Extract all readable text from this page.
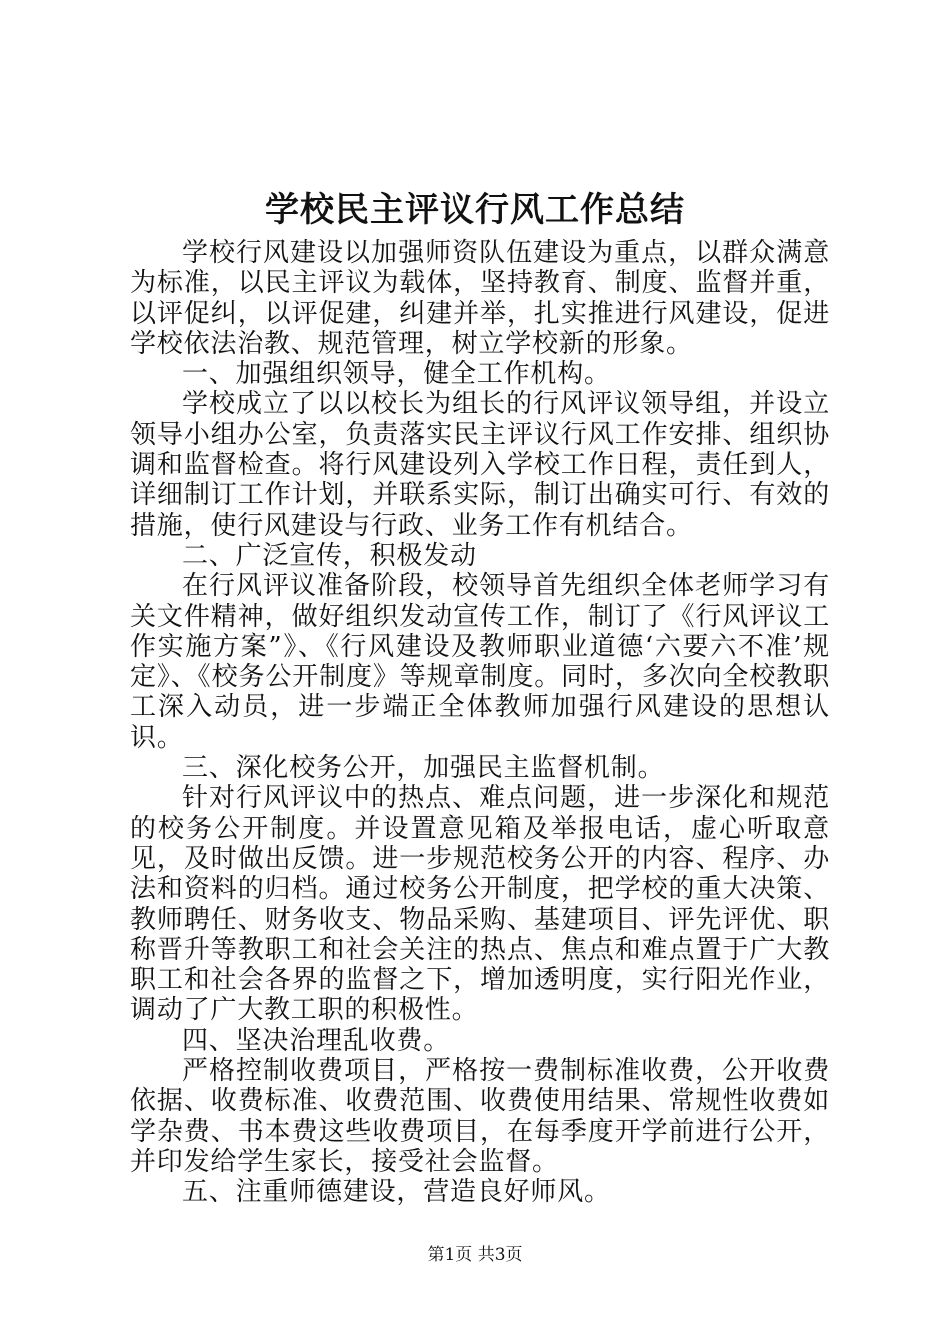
学校民主评议行风工作总结

学校行风建设以加强师资队伍建设为重点，以群众满意为标准，以民主评议为载体，坚持教育、制度、监督并重，以评促纠，以评促建，纠建并举，扎实推进行风建设，促进学校依法治教、规范管理，树立学校新的形象。

一、加强组织领导，健全工作机构。

学校成立了以以校长为组长的行风评议领导组，并设立领导小组办公室，负责落实民主评议行风工作安排、组织协调和监督检查。将行风建设列入学校工作日程，责任到人，详细制订工作计划，并联系实际，制订出确实可行、有效的措施，使行风建设与行政、业务工作有机结合。

二、广泛宣传，积极发动

在行风评议准备阶段，校领导首先组织全体老师学习有关文件精神，做好组织发动宣传工作，制订了《行风评议工作实施方案”》、《行风建设及教师职业道德‘六要六不准’规定》、《校务公开制度》等规章制度。同时，多次向全校教职工深入动员，进一步端正全体教师加强行风建设的思想认识。

三、深化校务公开，加强民主监督机制。

针对行风评议中的热点、难点问题，进一步深化和规范的校务公开制度。并设置意见箱及举报电话，虚心听取意见，及时做出反馈。进一步规范校务公开的内容、程序、办法和资料的归档。通过校务公开制度，把学校的重大决策、教师聘任、财务收支、物品采购、基建项目、评先评优、职称晋升等教职工和社会关注的热点、焦点和难点置于广大教职工和社会各界的监督之下，增加透明度，实行阳光作业，调动了广大教工职的积极性。

四、坚决治理乱收费。

严格控制收费项目，严格按一费制标准收费，公开收费依据、收费标准、收费范围、收费使用结果、常规性收费如学杂费、书本费这些收费项目，在每季度开学前进行公开，并印发给学生家长，接受社会监督。

五、注重师德建设，营造良好师风。

第1页 共3页
